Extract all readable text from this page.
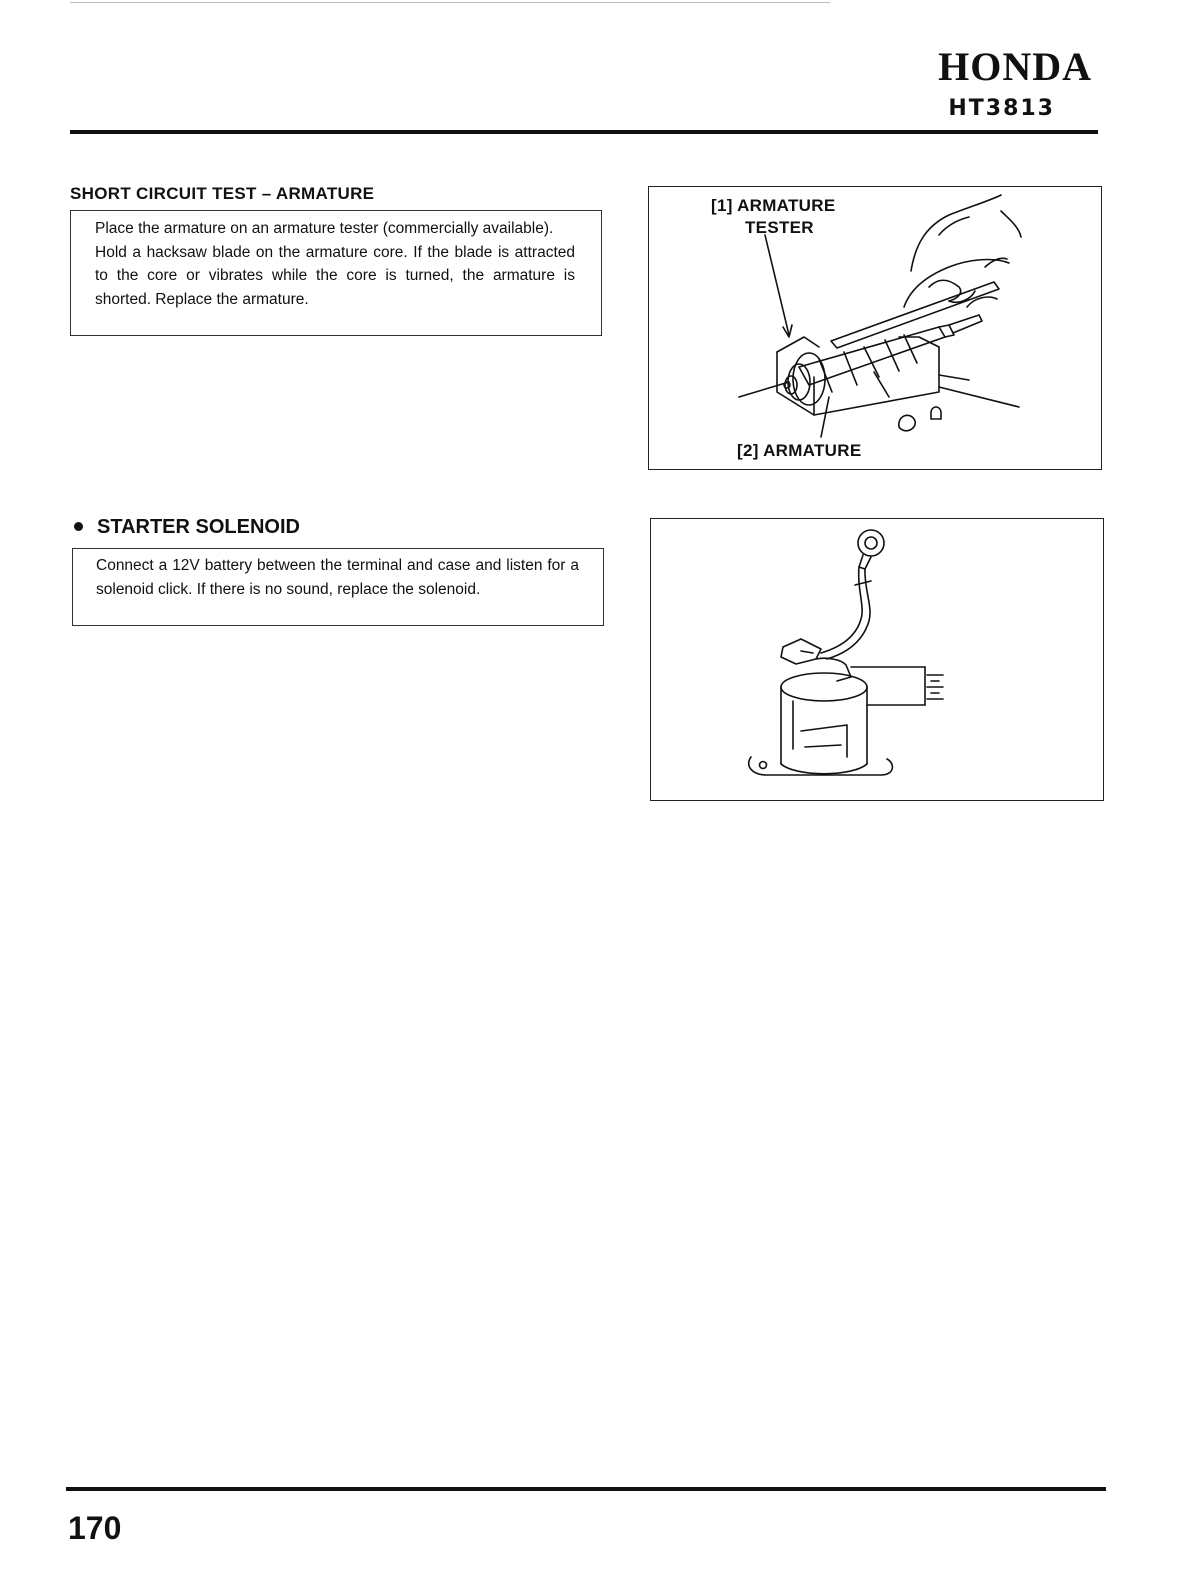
HONDA
HT3813
SHORT CIRCUIT TEST – ARMATURE

Place the armature on an armature tester (commercially available).

Hold a hacksaw blade on the armature core. If the blade is attracted to the core or vibrates while the core is turned, the armature is shorted. Replace the armature.

[1] ARMATURE
TESTER
[2] ARMATURE
STARTER SOLENOID

Connect a 12V battery between the terminal and case and listen for a solenoid click. If there is no sound, replace the solenoid.

170
